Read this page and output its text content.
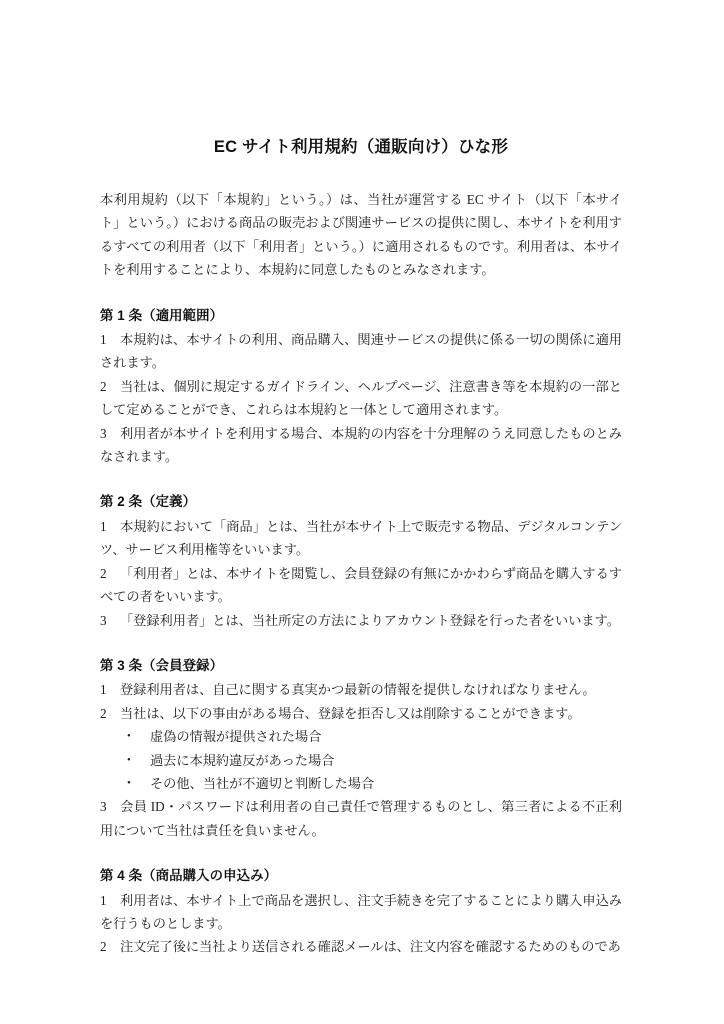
EC サイト利用規約（通販向け）ひな形

本利用規約（以下「本規約」という。）は、当社が運営する EC サイト（以下「本サイト」という。）における商品の販売および関連サービスの提供に関し、本サイトを利用するすべての利用者（以下「利用者」という。）に適用されるものです。利用者は、本サイトを利用することにより、本規約に同意したものとみなされます。

第 1 条（適用範囲）

1 本規約は、本サイトの利用、商品購入、関連サービスの提供に係る一切の関係に適用されます。

2 当社は、個別に規定するガイドライン、ヘルプページ、注意書き等を本規約の一部として定めることができ、これらは本規約と一体として適用されます。

3 利用者が本サイトを利用する場合、本規約の内容を十分理解のうえ同意したものとみなされます。

第 2 条（定義）

1 本規約において「商品」とは、当社が本サイト上で販売する物品、デジタルコンテンツ、サービス利用権等をいいます。

2 「利用者」とは、本サイトを閲覧し、会員登録の有無にかかわらず商品を購入するすべての者をいいます。

3 「登録利用者」とは、当社所定の方法によりアカウント登録を行った者をいいます。

第 3 条（会員登録）

1 登録利用者は、自己に関する真実かつ最新の情報を提供しなければなりません。

2 当社は、以下の事由がある場合、登録を拒否し又は削除することができます。

• 虚偽の情報が提供された場合
• 過去に本規約違反があった場合
• その他、当社が不適切と判断した場合

3 会員 ID・パスワードは利用者の自己責任で管理するものとし、第三者による不正利用について当社は責任を負いません。

第 4 条（商品購入の申込み）

1 利用者は、本サイト上で商品を選択し、注文手続きを完了することにより購入申込みを行うものとします。

2 注文完了後に当社より送信される確認メールは、注文内容を確認するためのものであ
